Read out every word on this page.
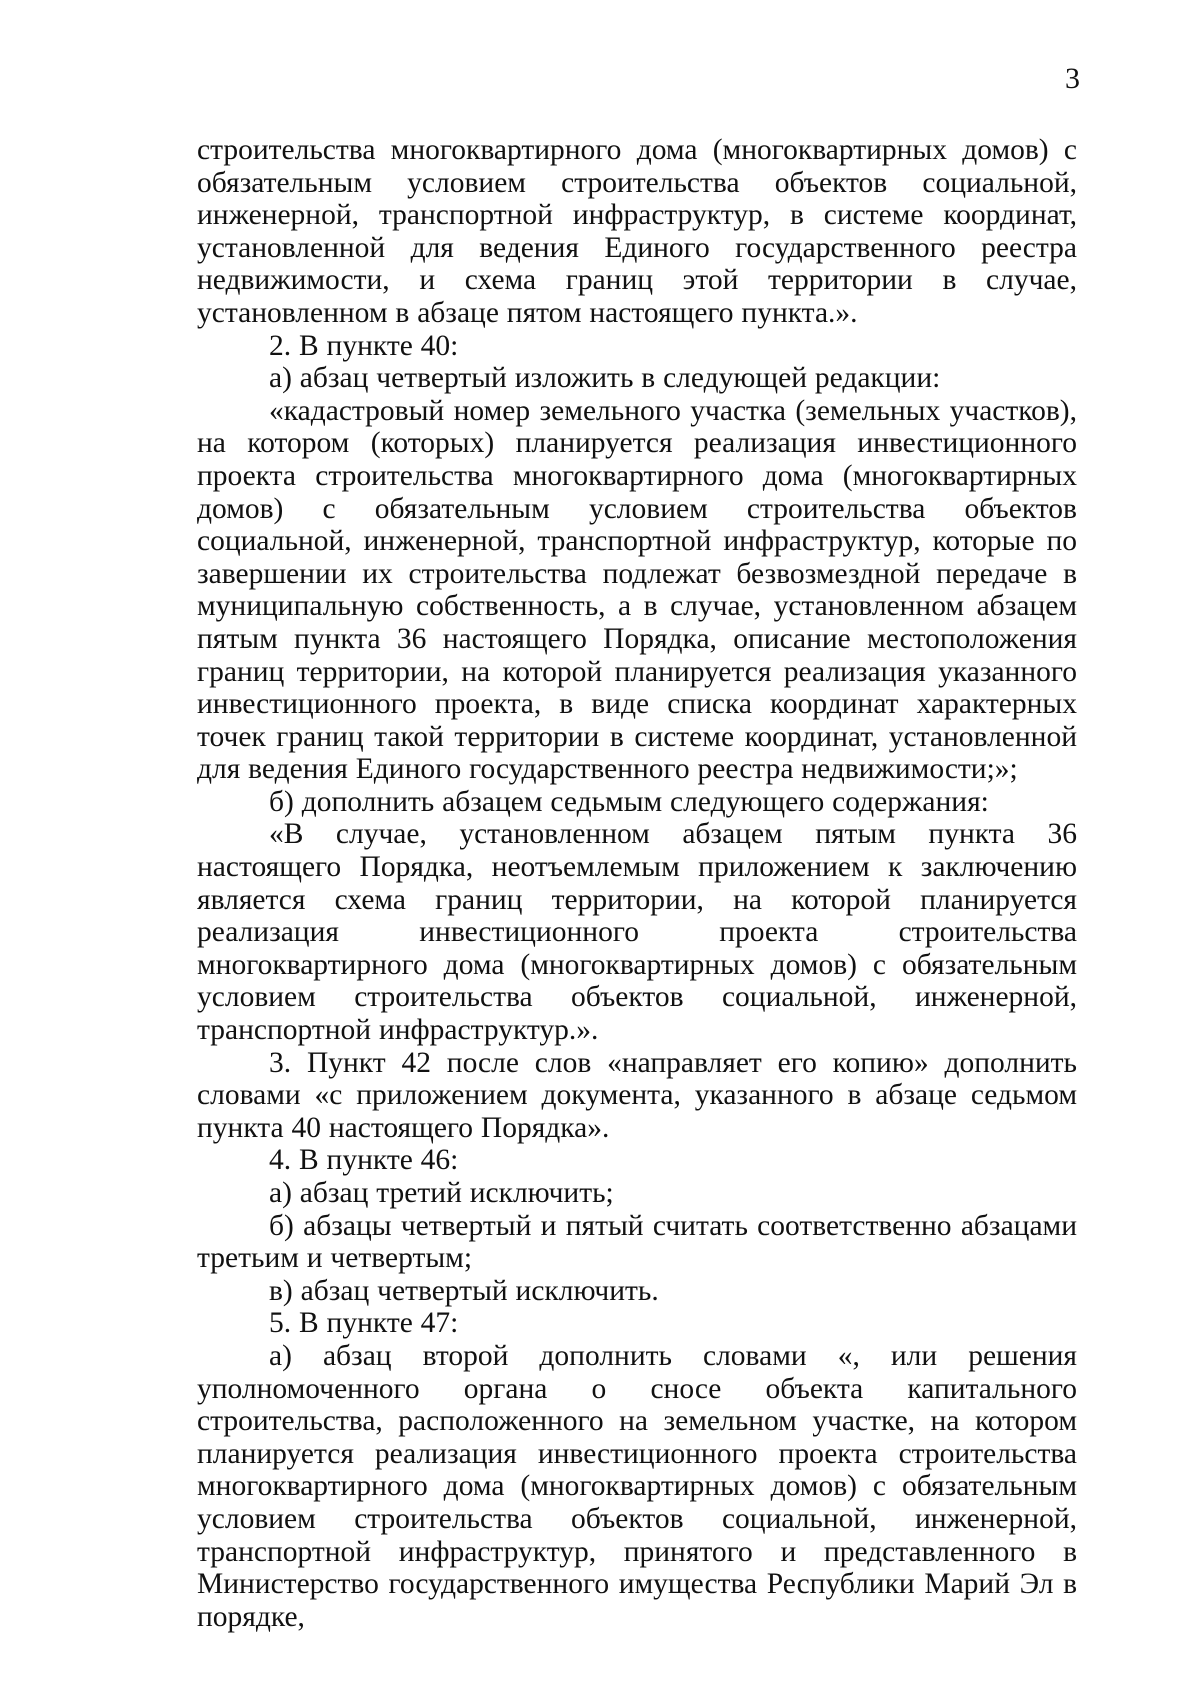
3

строительства многоквартирного дома (многоквартирных домов) с обязательным условием строительства объектов социальной, инженерной, транспортной инфраструктур, в системе координат, установленной для ведения Единого государственного реестра недвижимости, и схема границ этой территории в случае, установленном в абзаце пятом настоящего пункта.».

2. В пункте 40:

а) абзац четвертый изложить в следующей редакции:

«кадастровый номер земельного участка (земельных участков), на котором (которых) планируется реализация инвестиционного проекта строительства многоквартирного дома (многоквартирных домов) с обязательным условием строительства объектов социальной, инженерной, транспортной инфраструктур, которые по завершении их строительства подлежат безвозмездной передаче в муниципальную собственность, а в случае, установленном абзацем пятым пункта 36 настоящего Порядка, описание местоположения границ территории, на которой планируется реализация указанного инвестиционного проекта, в виде списка координат характерных точек границ такой территории в системе координат, установленной для ведения Единого государственного реестра недвижимости;»;

б) дополнить абзацем седьмым следующего содержания:

«В случае, установленном абзацем пятым пункта 36 настоящего Порядка, неотъемлемым приложением к заключению является схема границ территории, на которой планируется реализация инвестиционного проекта строительства многоквартирного дома (многоквартирных домов) с обязательным условием строительства объектов социальной, инженерной, транспортной инфраструктур.».

3. Пункт 42 после слов «направляет его копию» дополнить словами «с приложением документа, указанного в абзаце седьмом пункта 40 настоящего Порядка».

4. В пункте 46:

а) абзац третий исключить;

б) абзацы четвертый и пятый считать соответственно абзацами третьим и четвертым;

в) абзац четвертый исключить.

5. В пункте 47:

а) абзац второй дополнить словами «, или решения уполномоченного органа о сносе объекта капитального строительства, расположенного на земельном участке, на котором планируется реализация инвестиционного проекта строительства многоквартирного дома (многоквартирных домов) с обязательным условием строительства объектов социальной, инженерной, транспортной инфраструктур, принятого и представленного в Министерство государственного имущества Республики Марий Эл в порядке,
